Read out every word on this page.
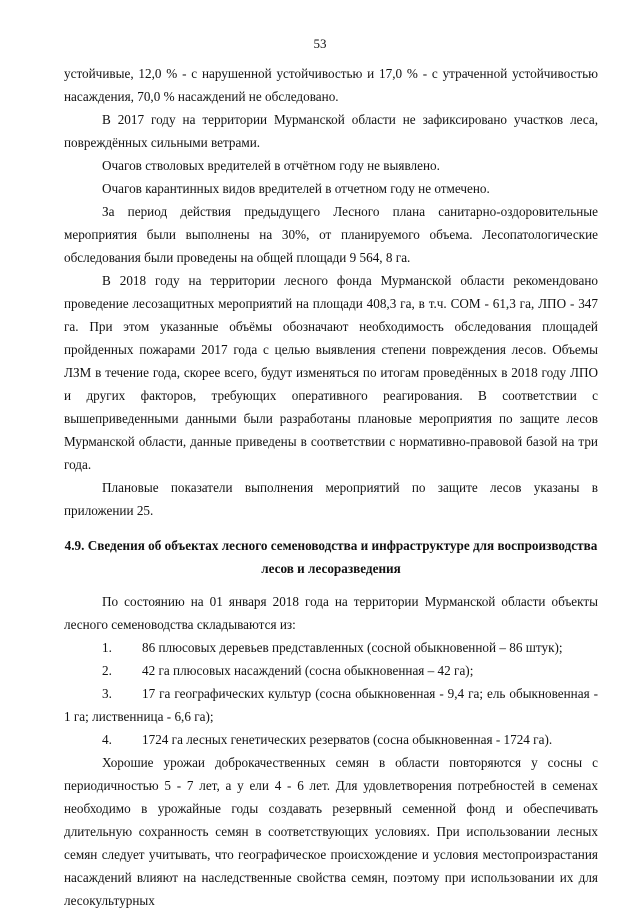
53

устойчивые, 12,0 % - с нарушенной устойчивостью и 17,0 % - с утраченной устойчивостью насаждения, 70,0 % насаждений не обследовано.

В 2017 году на территории Мурманской области не зафиксировано участков леса, повреждённых сильными ветрами.

Очагов стволовых вредителей в отчётном году не выявлено.

Очагов карантинных видов вредителей в отчетном году не отмечено.

За период действия предыдущего Лесного плана санитарно-оздоровительные мероприятия были выполнены на 30%, от планируемого объема. Лесопатологические обследования были проведены на общей площади 9 564, 8 га.

В 2018 году на территории лесного фонда Мурманской области рекомендовано проведение лесозащитных мероприятий на площади 408,3 га, в т.ч. СОМ - 61,3 га, ЛПО - 347 га. При этом указанные объёмы обозначают необходимость обследования площадей пройденных пожарами 2017 года с целью выявления степени повреждения лесов. Объемы ЛЗМ в течение года, скорее всего, будут изменяться по итогам проведённых в 2018 году ЛПО и других факторов, требующих оперативного реагирования. В соответствии с вышеприведенными данными были разработаны плановые мероприятия по защите лесов Мурманской области, данные приведены в соответствии с нормативно-правовой базой на три года.

Плановые показатели выполнения мероприятий по защите лесов указаны в приложении 25.

4.9. Сведения об объектах лесного семеноводства и инфраструктуре для воспроизводства лесов и лесоразведения

По состоянию на 01 января 2018 года на территории Мурманской области объекты лесного семеноводства складываются из:

1.	86 плюсовых деревьев представленных (сосной обыкновенной – 86 штук);
2.	42 га плюсовых насаждений (сосна обыкновенная – 42 га);
3. 17 га географических культур (сосна обыкновенная - 9,4 га; ель обыкновенная - 1 га; лиственница - 6,6 га);
4.	1724 га лесных генетических резерватов (сосна обыкновенная - 1724 га).

Хорошие урожаи доброкачественных семян в области повторяются у сосны с периодичностью 5 - 7 лет, а у ели 4 - 6 лет. Для удовлетворения потребностей в семенах необходимо в урожайные годы создавать резервный семенной фонд и обеспечивать длительную сохранность семян в соответствующих условиях. При использовании лесных семян следует учитывать, что географическое происхождение и условия местопроизрастания насаждений влияют на наследственные свойства семян, поэтому при использовании их для лесокультурных
